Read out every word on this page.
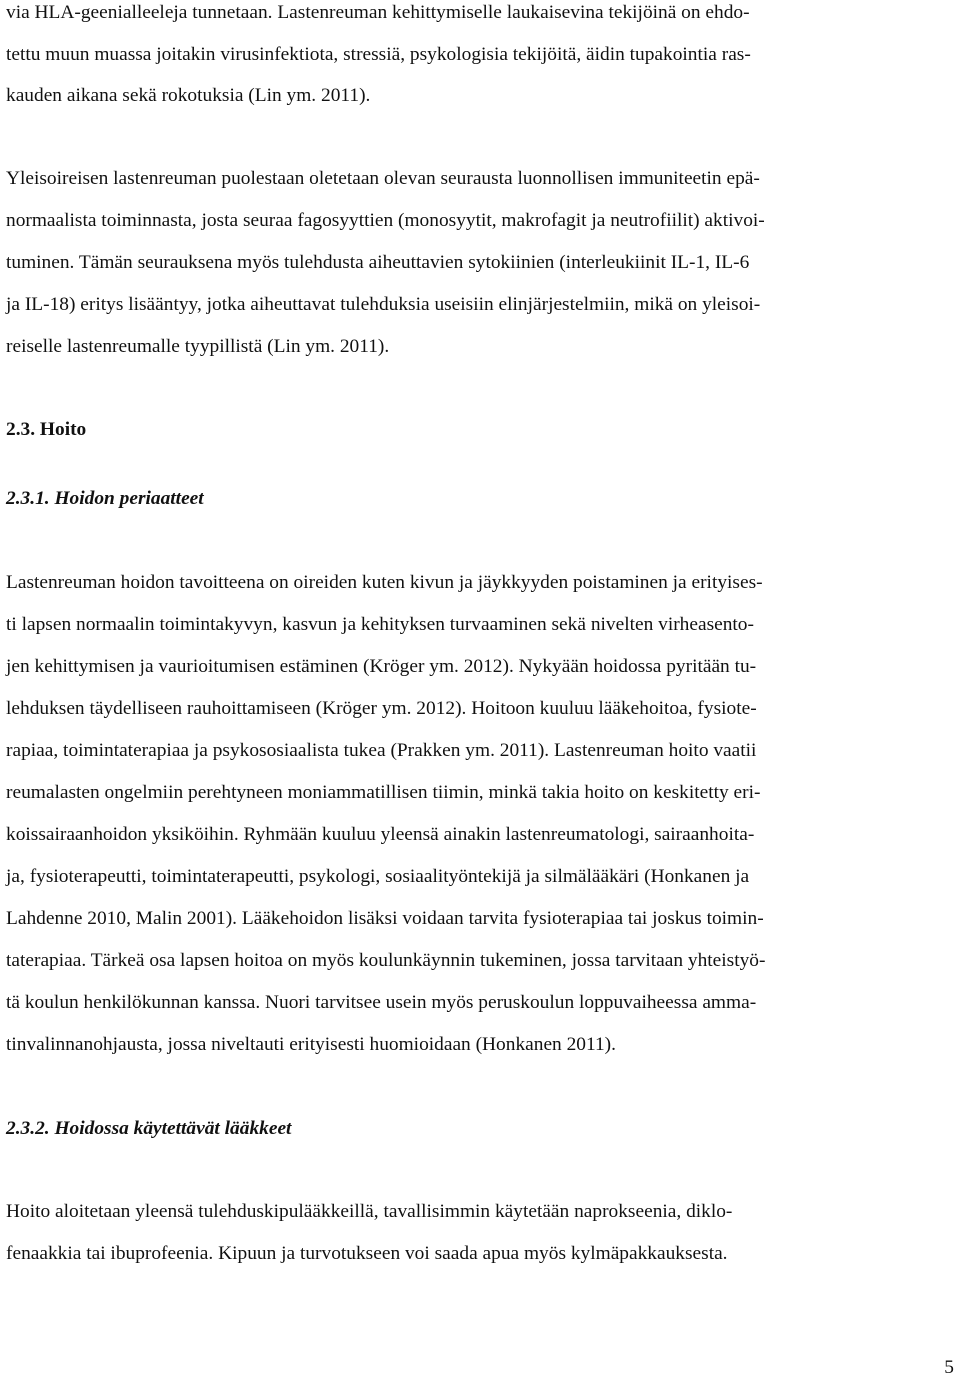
via HLA-geenialleeleja tunnetaan. Lastenreuman kehittymiselle laukaisevina tekijöinä on ehdo-

tettu muun muassa joitakin virusinfektiota, stressiä, psykologisia tekijöitä, äidin tupakointia ras-

kauden aikana sekä rokotuksia (Lin ym. 2011).

Yleisoireisen lastenreuman puolestaan oletetaan olevan seurausta luonnollisen immuniteetin epä-

normaalista toiminnasta, josta seuraa fagosyyttien (monosyytit, makrofagit ja neutrofiilit) aktivoi-

tuminen. Tämän seurauksena myös tulehdusta aiheuttavien sytokiinien (interleukiinit IL-1, IL-6

ja IL-18) eritys lisääntyy, jotka aiheuttavat tulehduksia useisiin elinjärjestelmiin, mikä on yleisoi-

reiselle lastenreumalle tyypillistä (Lin ym. 2011).

2.3. Hoito

2.3.1. Hoidon periaatteet

Lastenreuman hoidon tavoitteena on oireiden kuten kivun ja jäykkyyden poistaminen ja erityises-

ti lapsen normaalin toimintakyvyn, kasvun ja kehityksen turvaaminen sekä nivelten virheasento-

jen kehittymisen ja vaurioitumisen estäminen (Kröger ym. 2012). Nykyään hoidossa pyritään tu-

lehduksen täydelliseen rauhoittamiseen (Kröger ym. 2012). Hoitoon kuuluu lääkehoitoa, fysiote-

rapiaa, toimintaterapiaa ja psykososiaalista tukea (Prakken ym. 2011). Lastenreuman hoito vaatii

reumalasten ongelmiin perehtyneen moniammatillisen tiimin, minkä takia hoito on keskitetty eri-

koissairaanhoidon yksiköihin. Ryhmään kuuluu yleensä ainakin lastenreumatologi, sairaanhoita-

ja, fysioterapeutti, toimintaterapeutti, psykologi, sosiaalityöntekijä ja silmälääkäri (Honkanen ja

Lahdenne 2010, Malin 2001). Lääkehoidon lisäksi voidaan tarvita fysioterapiaa tai joskus toimin-

taterapiaa. Tärkeä osa lapsen hoitoa on myös koulunkäynnin tukeminen, jossa tarvitaan yhteistyö-

tä koulun henkilökunnan kanssa. Nuori tarvitsee usein myös peruskoulun loppuvaiheessa amma-

tinvalinnanohjausta, jossa niveltauti erityisesti huomioidaan (Honkanen 2011).

2.3.2. Hoidossa käytettävät lääkkeet

Hoito aloitetaan yleensä tulehduskipulääkkeillä, tavallisimmin käytetään naprokseenia, diklo-

fenaakkia tai ibuprofeenia. Kipuun ja turvotukseen voi saada apua myös kylmäpakkauksesta.

5
